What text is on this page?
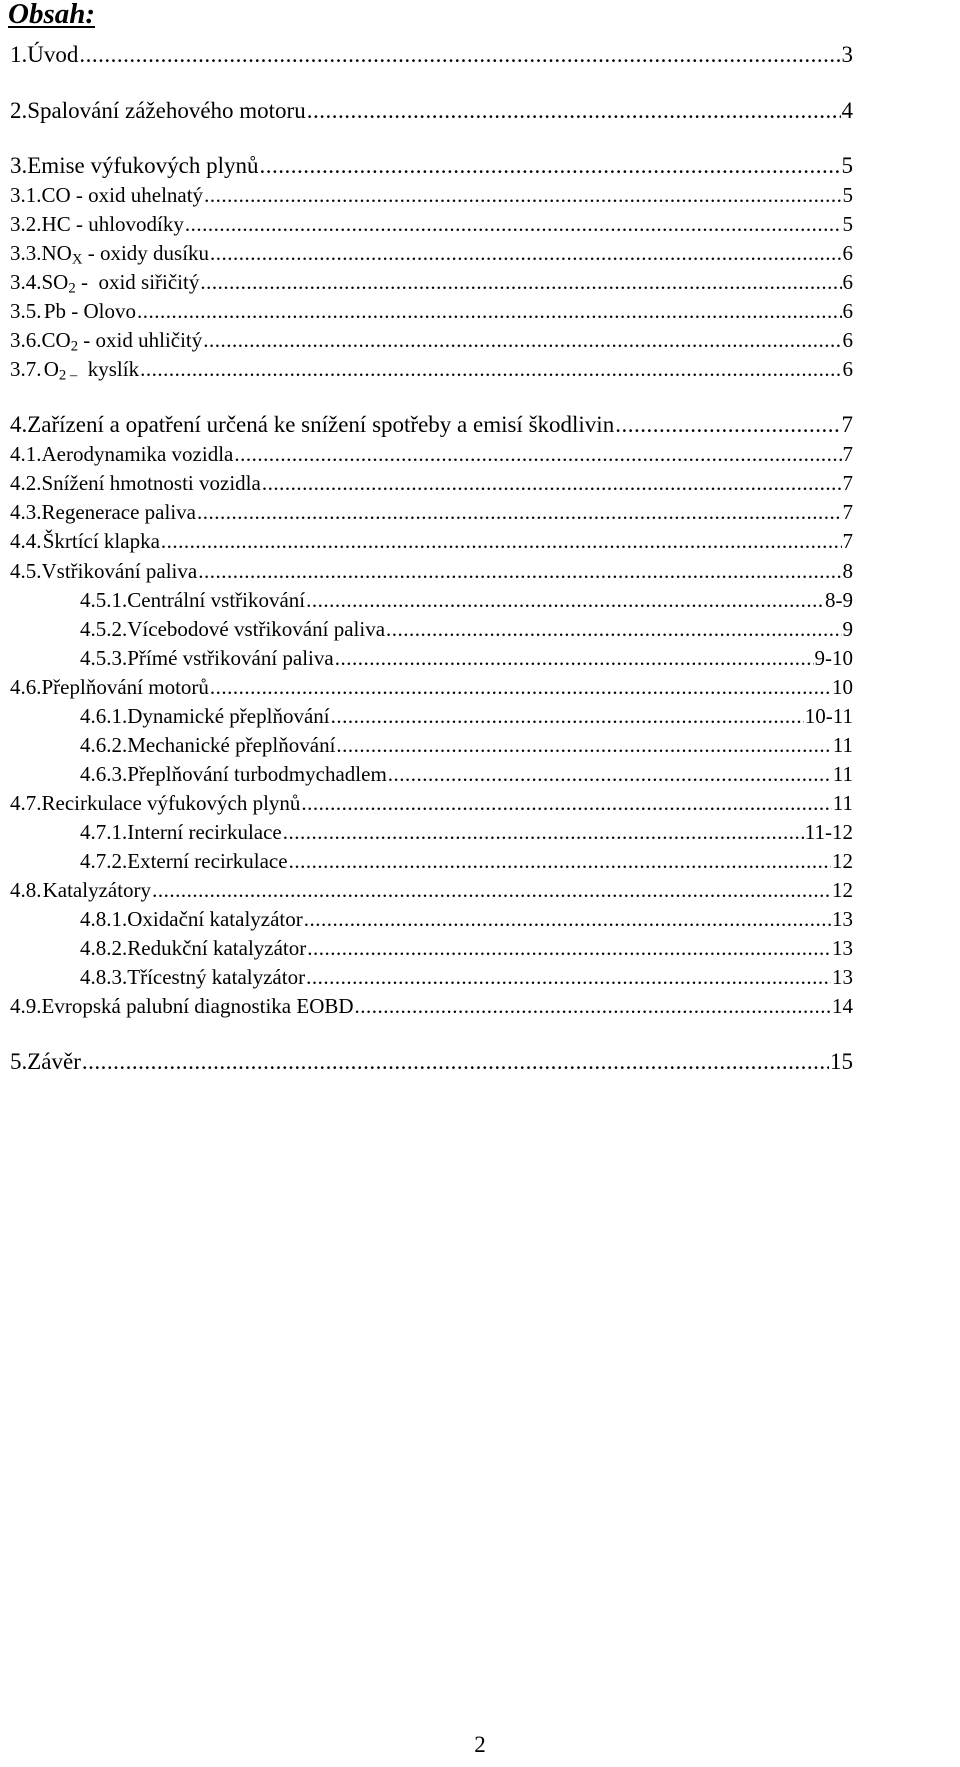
Obsah:
1. Úvod .....	3
2. Spalování zážehového motoru .....	4
3. Emise výfukových plynů .....	5
3.1. CO - oxid uhelnatý .....	5
3.2. HC - uhlovodíky .....	5
3.3. $NO_X$ - oxidy dusíku .....	6
3.4. $SO_2$ -  oxid siřičitý .....	6
3.5. Pb - Olovo .....	6
3.6. $CO_2$ - oxid uhličitý .....	6
3.7. $O_{2 -}$  kyslík .....	6
4. Zařízení a opatření určená ke snížení spotřeby a emisí škodlivin .....	7
4.1. Aerodynamika vozidla .....	7
4.2. Snížení hmotnosti vozidla .....	7
4.3. Regenerace paliva .....	7
4.4. Škrtící klapka .....	7
4.5. Vstřikování paliva .....	8
4.5.1. Centrální vstřikování .....	8-9
4.5.2. Vícebodové vstřikování paliva .....	9
4.5.3. Přímé vstřikování paliva .....	9-10
4.6. Přeplňování motorů .....	10
4.6.1. Dynamické přeplňování .....	10-11
4.6.2. Mechanické přeplňování .....	11
4.6.3. Přeplňování turbodmychadlem .....	11
4.7. Recirkulace výfukových plynů .....	11
4.7.1. Interní recirkulace .....	11-12
4.7.2. Externí recirkulace .....	12
4.8. Katalyzátory .....	12
4.8.1. Oxidační katalyzátor .....	13
4.8.2. Redukční katalyzátor .....	13
4.8.3. Třícestný katalyzátor .....	13
4.9. Evropská palubní diagnostika EOBD .....	14
5. Závěr .....	15
2
